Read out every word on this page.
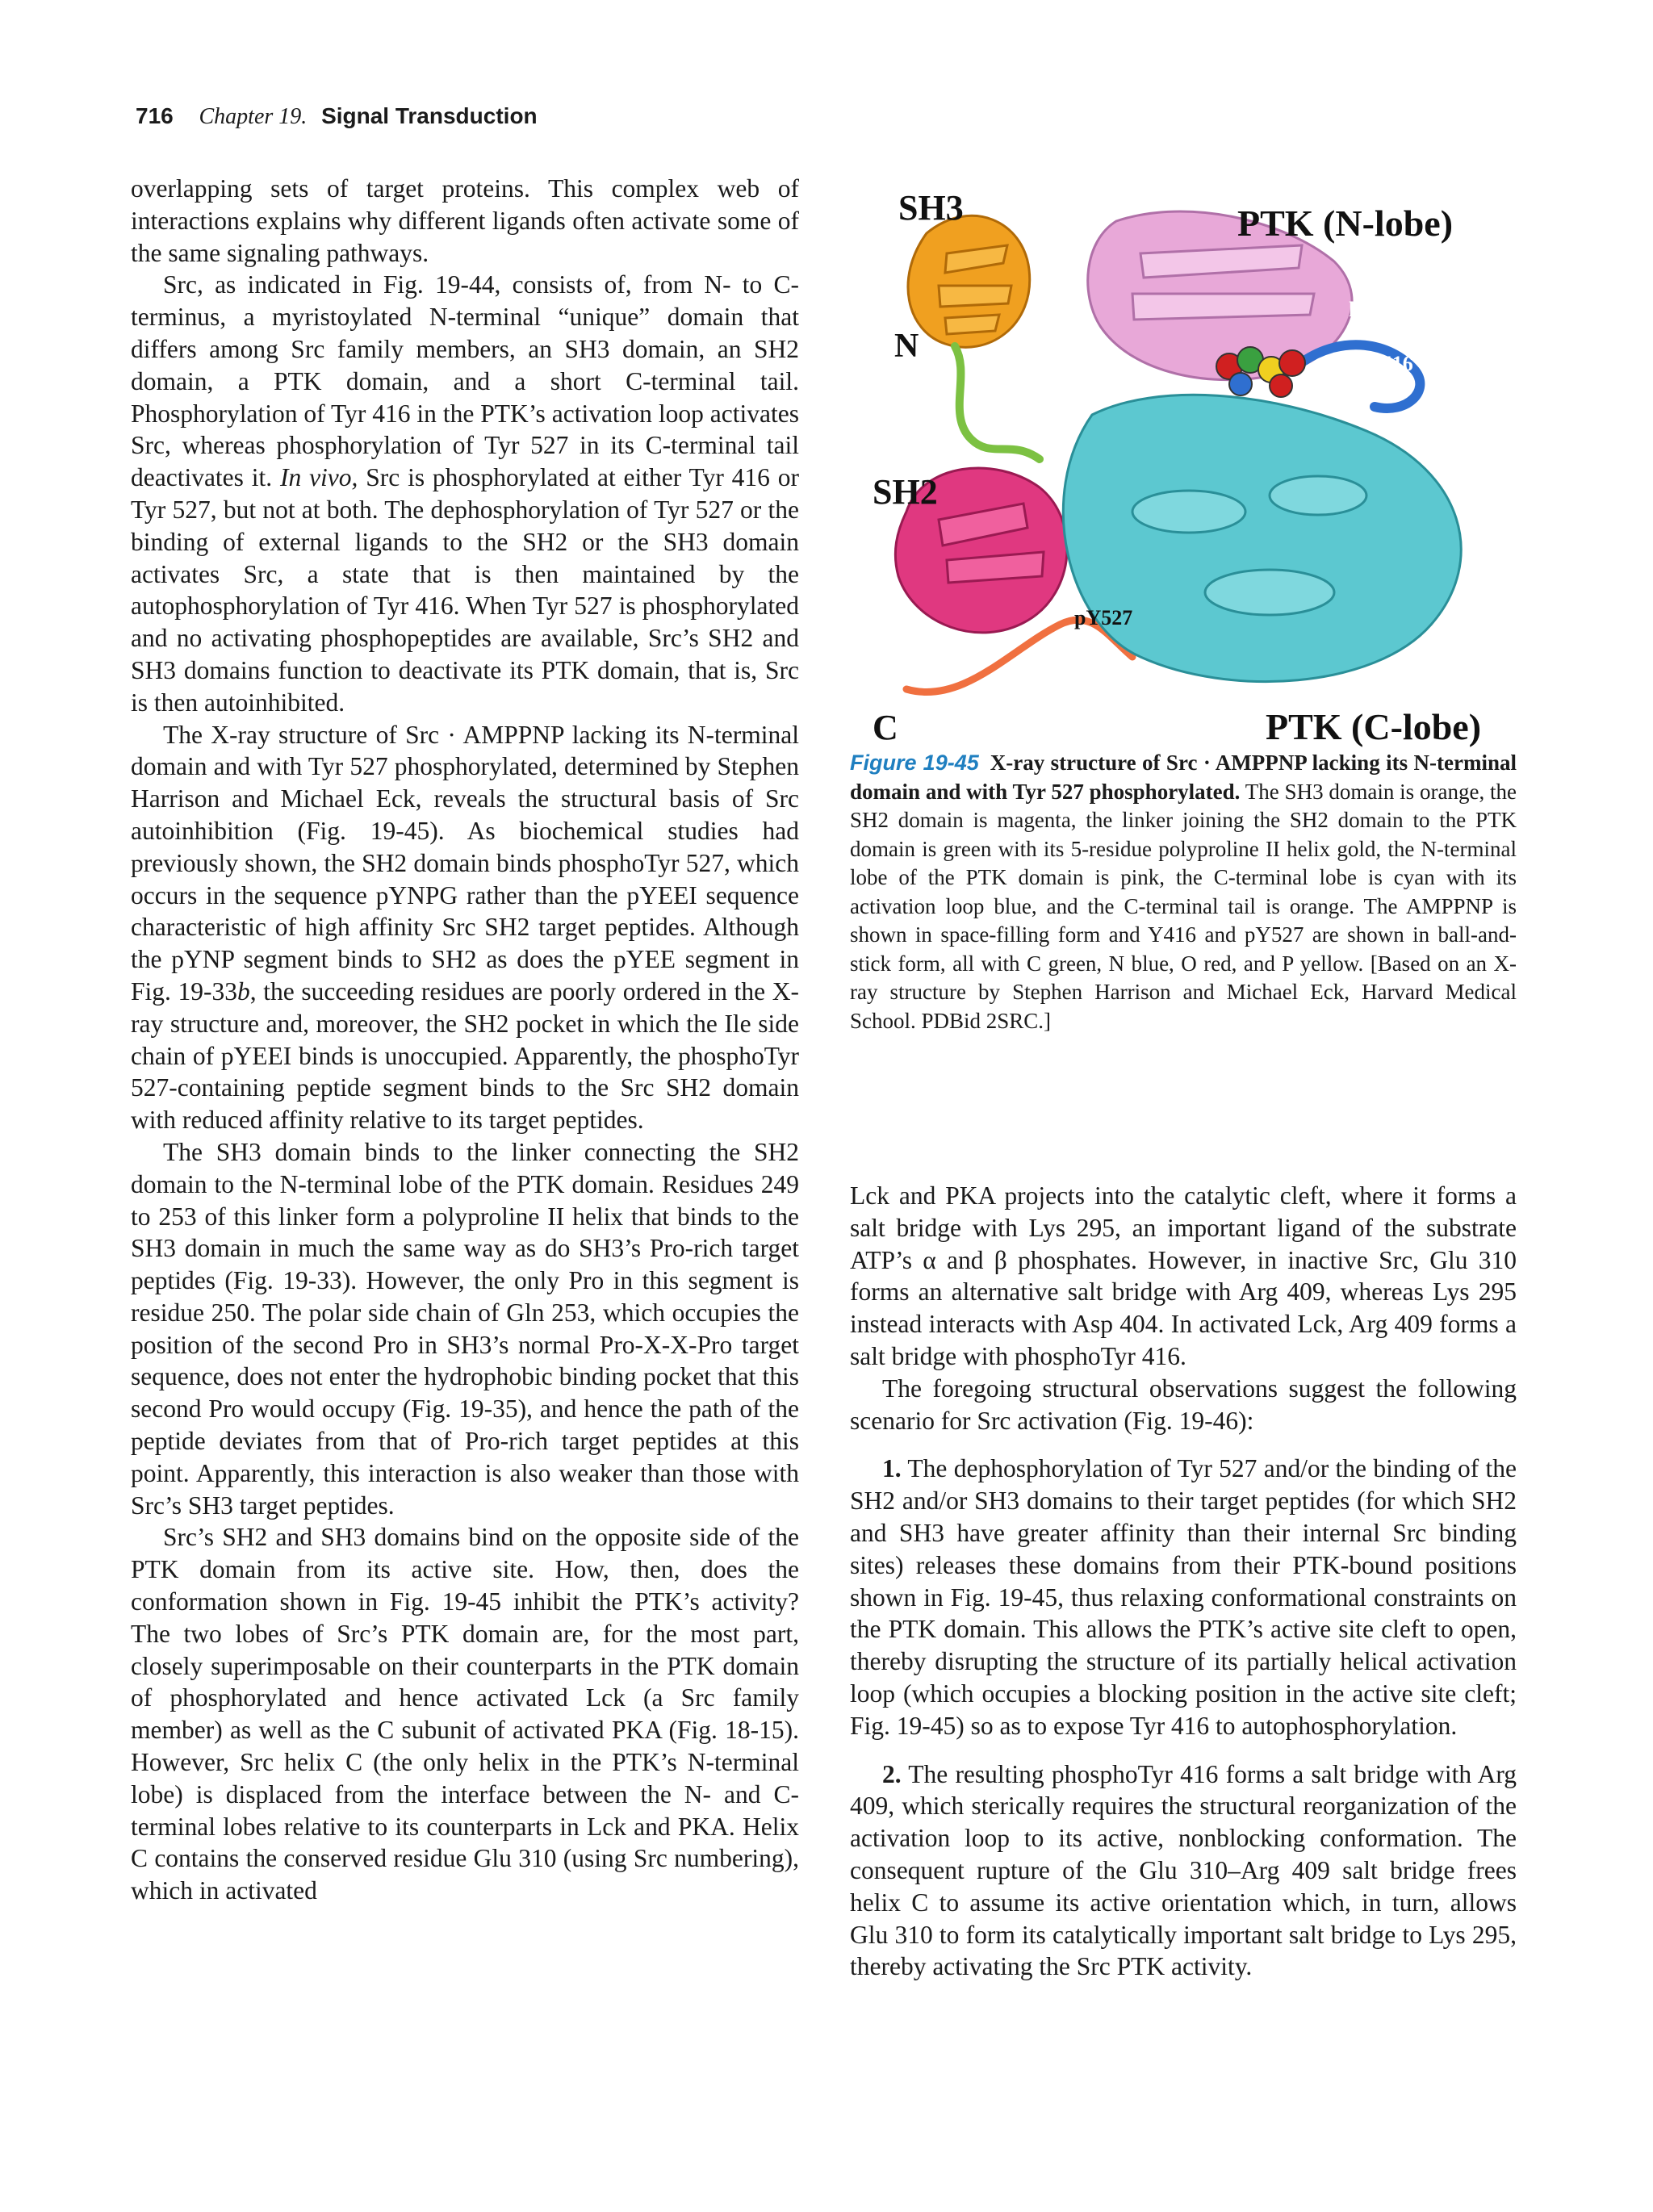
716 Chapter 19. Signal Transduction

overlapping sets of target proteins. This complex web of interactions explains why different ligands often activate some of the same signaling pathways.

Src, as indicated in Fig. 19-44, consists of, from N- to C-terminus, a myristoylated N-terminal “unique” domain that differs among Src family members, an SH3 domain, an SH2 domain, a PTK domain, and a short C-terminal tail. Phosphorylation of Tyr 416 in the PTK’s activation loop activates Src, whereas phosphorylation of Tyr 527 in its C-terminal tail deactivates it. In vivo, Src is phosphorylated at either Tyr 416 or Tyr 527, but not at both. The dephosphorylation of Tyr 527 or the binding of external ligands to the SH2 or the SH3 domain activates Src, a state that is then maintained by the autophosphorylation of Tyr 416. When Tyr 527 is phosphorylated and no activating phosphopeptides are available, Src’s SH2 and SH3 domains function to deactivate its PTK domain, that is, Src is then autoinhibited.

The X-ray structure of Src · AMPPNP lacking its N-terminal domain and with Tyr 527 phosphorylated, determined by Stephen Harrison and Michael Eck, reveals the structural basis of Src autoinhibition (Fig. 19-45). As biochemical studies had previously shown, the SH2 domain binds phosphoTyr 527, which occurs in the sequence pYNPG rather than the pYEEI sequence characteristic of high affinity Src SH2 target peptides. Although the pYNP segment binds to SH2 as does the pYEE segment in Fig. 19-33b, the succeeding residues are poorly ordered in the X-ray structure and, moreover, the SH2 pocket in which the Ile side chain of pYEEI binds is unoccupied. Apparently, the phosphoTyr 527-containing peptide segment binds to the Src SH2 domain with reduced affinity relative to its target peptides.

The SH3 domain binds to the linker connecting the SH2 domain to the N-terminal lobe of the PTK domain. Residues 249 to 253 of this linker form a polyproline II helix that binds to the SH3 domain in much the same way as do SH3’s Pro-rich target peptides (Fig. 19-33). However, the only Pro in this segment is residue 250. The polar side chain of Gln 253, which occupies the position of the second Pro in SH3’s normal Pro-X-X-Pro target sequence, does not enter the hydrophobic binding pocket that this second Pro would occupy (Fig. 19-35), and hence the path of the peptide deviates from that of Pro-rich target peptides at this point. Apparently, this interaction is also weaker than those with Src’s SH3 target peptides.

Src’s SH2 and SH3 domains bind on the opposite side of the PTK domain from its active site. How, then, does the conformation shown in Fig. 19-45 inhibit the PTK’s activity? The two lobes of Src’s PTK domain are, for the most part, closely superimposable on their counterparts in the PTK domain of phosphorylated and hence activated Lck (a Src family member) as well as the C subunit of activated PKA (Fig. 18-15). However, Src helix C (the only helix in the PTK’s N-terminal lobe) is displaced from the interface between the N- and C-terminal lobes relative to its counterparts in Lck and PKA. Helix C contains the conserved residue Glu 310 (using Src numbering), which in activated

SH3	PTK (N-lobe)
helix C
N	Y416
SH2
pY527
C	PTK (C-lobe)
Figure 19-45 X-ray structure of Src · AMPPNP lacking its N-terminal domain and with Tyr 527 phosphorylated. The SH3 domain is orange, the SH2 domain is magenta, the linker joining the SH2 domain to the PTK domain is green with its 5-residue polyproline II helix gold, the N-terminal lobe of the PTK domain is pink, the C-terminal lobe is cyan with its activation loop blue, and the C-terminal tail is orange. The AMPPNP is shown in space-filling form and Y416 and pY527 are shown in ball-and-stick form, all with C green, N blue, O red, and P yellow. [Based on an X-ray structure by Stephen Harrison and Michael Eck, Harvard Medical School. PDBid 2SRC.]

Lck and PKA projects into the catalytic cleft, where it forms a salt bridge with Lys 295, an important ligand of the substrate ATP’s α and β phosphates. However, in inactive Src, Glu 310 forms an alternative salt bridge with Arg 409, whereas Lys 295 instead interacts with Asp 404. In activated Lck, Arg 409 forms a salt bridge with phosphoTyr 416.

The foregoing structural observations suggest the following scenario for Src activation (Fig. 19-46):

1. The dephosphorylation of Tyr 527 and/or the binding of the SH2 and/or SH3 domains to their target peptides (for which SH2 and SH3 have greater affinity than their internal Src binding sites) releases these domains from their PTK-bound positions shown in Fig. 19-45, thus relaxing conformational constraints on the PTK domain. This allows the PTK’s active site cleft to open, thereby disrupting the structure of its partially helical activation loop (which occupies a blocking position in the active site cleft; Fig. 19-45) so as to expose Tyr 416 to autophosphorylation.

2. The resulting phosphoTyr 416 forms a salt bridge with Arg 409, which sterically requires the structural reorganization of the activation loop to its active, nonblocking conformation. The consequent rupture of the Glu 310–Arg 409 salt bridge frees helix C to assume its active orientation which, in turn, allows Glu 310 to form its catalytically important salt bridge to Lys 295, thereby activating the Src PTK activity.
